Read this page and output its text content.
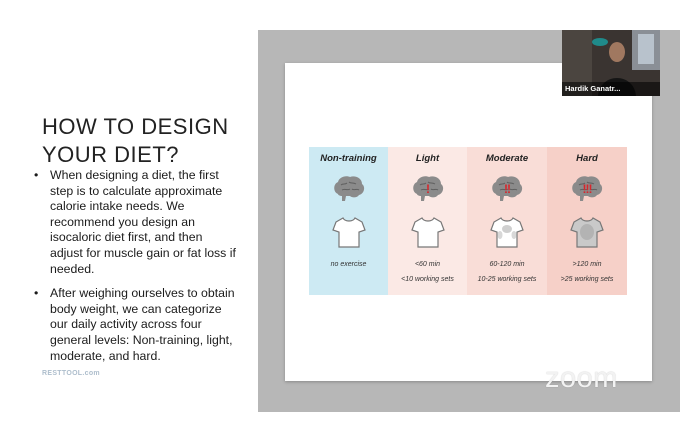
HOW TO DESIGN
YOUR DIET?
• When designing a diet, the first step is to calculate approximate calorie intake needs. We recommend you design an isocaloric diet first, and then adjust for muscle gain or fat loss if needed.
• After weighing ourselves to obtain body weight, we can categorize our daily activity across four general levels: Non-training, light, moderate, and hard.
RESTTOOL.com
Non-training
no exercise
Light
!
<60 min
<10 working sets
Moderate
!!
60-120 min
10-25 working sets
Hard
!!!
>120 min
>25 working sets
Hardik Ganatr...
zoom
